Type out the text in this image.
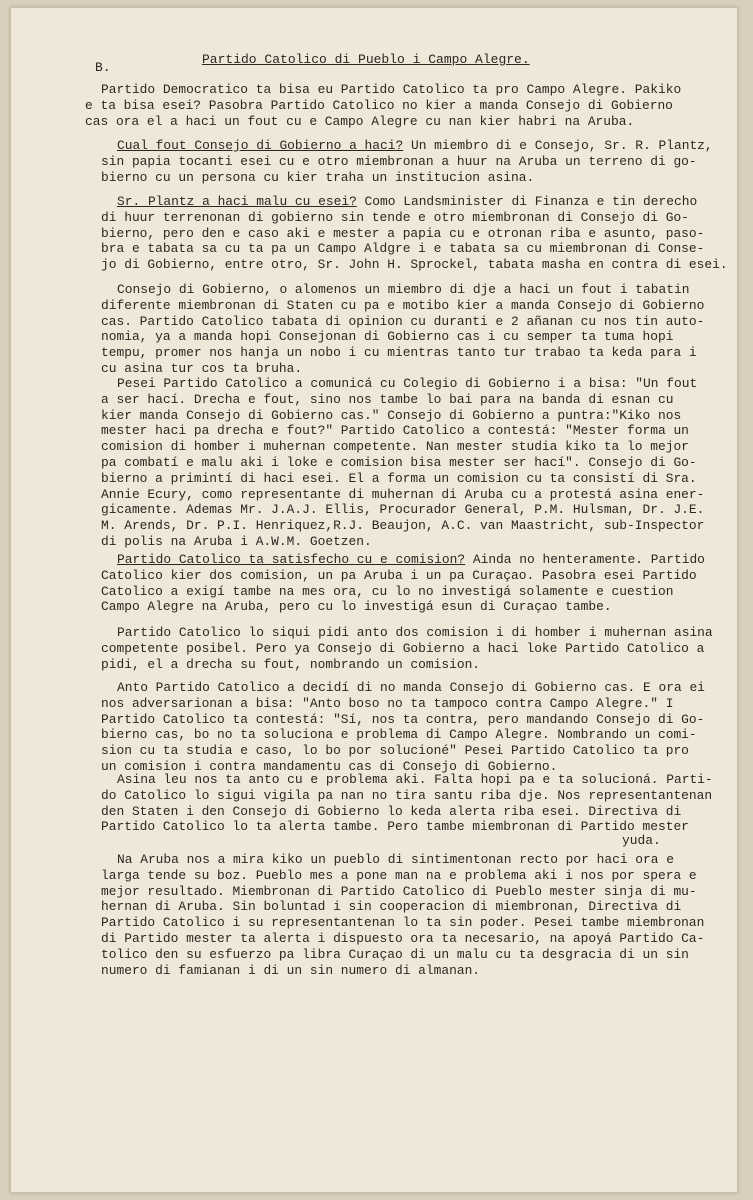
B.
Partido Catolico di Pueblo i Campo Alegre.
Partido Democratico ta bisa eu Partido Catolico ta pro Campo Alegre. Pakiko
e ta bisa esei? Pasobra Partido Catolico no kier a manda Consejo di Gobierno
cas ora el a haci un fout cu e Campo Alegre cu nan kier habri na Aruba.
Cual fout Consejo di Gobierno a haci? Un miembro di e Consejo, Sr. R. Plantz,
sin papia tocanti esei cu e otro miembronan a huur na Aruba un terreno di go-
bierno cu un persona cu kier traha un institucion asina.
Sr. Plantz a haci malu cu esei? Como Landsminister di Finanza e tin derecho
di huur terrenonan di gobierno sin tende e otro miembronan di Consejo di Go-
bierno, pero den e caso aki e mester a papia cu e otronan riba e asunto, paso-
bra e tabata sa cu ta pa un Campo Aldgre i e tabata sa cu miembronan di Conse-
jo di Gobierno, entre otro, Sr. John H. Sprockel, tabata masha en contra di esei.
Consejo di Gobierno, o alomenos un miembro di dje a haci un fout i tabatin
diferente miembronan di Staten cu pa e motibo kier a manda Consejo di Gobierno
cas. Partido Catolico tabata di opinion cu duranti e 2 añanan cu nos tin auto-
nomia, ya a manda hopi Consejonan di Gobierno cas i cu semper ta tuma hopi
tempu, promer nos hanja un nobo i cu mientras tanto tur trabao ta keda para i
cu asina tur cos ta bruha.
Pesei Partido Catolico a comunicá cu Colegio di Gobierno i a bisa: "Un fout
a ser hací. Drecha e fout, sino nos tambe lo bai para na banda di esnan cu
kier manda Consejo di Gobierno cas." Consejo di Gobierno a puntra:"Kiko nos
mester haci pa drecha e fout?" Partido Catolico a contestá: "Mester forma un
comision di homber i muhernan competente. Nan mester studia kiko ta lo mejor
pa combatí e malu aki i loke e comision bisa mester ser hací". Consejo di Go-
bierno a primintí di haci esei. El a forma un comision cu ta consistí di Sra.
Annie Ecury, como representante di muhernan di Aruba cu a protestá asina ener-
gicamente. Ademas Mr. J.A.J. Ellis, Procurador General, P.M. Hulsman, Dr. J.E.
M. Arends, Dr. P.I. Henriquez,R.J. Beaujon, A.C. van Maastricht, sub-Inspector
di polis na Aruba i A.W.M. Goetzen.
Partido Catolico ta satisfecho cu e comision? Ainda no henteramente. Partido
Catolico kier dos comision, un pa Aruba i un pa Curaçao. Pasobra esei Partido
Catolico a exigí tambe na mes ora, cu lo no investigá solamente e cuestion
Campo Alegre na Aruba, pero cu lo investigá esun di Curaçao tambe.
Partido Catolico lo siqui pidi anto dos comision i di homber i muhernan asina
competente posibel. Pero ya Consejo di Gobierno a haci loke Partido Catolico a
pidi, el a drecha su fout, nombrando un comision.
Anto Partido Catolico a decidí di no manda Consejo di Gobierno cas. E ora ei
nos adversarionan a bisa: "Anto boso no ta tampoco contra Campo Alegre." I
Partido Catolico ta contestá: "Sí, nos ta contra, pero mandando Consejo di Go-
bierno cas, bo no ta soluciona e problema di Campo Alegre. Nombrando un comi-
sion cu ta studia e caso, lo bo por solucioné" Pesei Partido Catolico ta pro
un comision i contra mandamentu cas di Consejo di Gobierno.
Asina leu nos ta anto cu e problema aki. Falta hopi pa e ta solucioná. Parti-
do Catolico lo sigui vigila pa nan no tira santu riba dje. Nos representantenan
den Staten i den Consejo di Gobierno lo keda alerta riba esei. Directiva di
Partido Catolico lo ta alerta tambe. Pero tambe miembronan di Partido mester
yuda.
Na Aruba nos a mira kiko un pueblo di sintimentonan recto por haci ora e
larga tende su boz. Pueblo mes a pone man na e problema aki i nos por spera e
mejor resultado. Miembronan di Partido Catolico di Pueblo mester sinja di mu-
hernan di Aruba. Sin boluntad i sin cooperacion di miembronan, Directiva di
Partido Catolico i su representantenan lo ta sin poder. Pesei tambe miembronan
di Partido mester ta alerta i dispuesto ora ta necesario, na apoyá Partido Ca-
tolico den su esfuerzo pa libra Curaçao di un malu cu ta desgracia di un sin
numero di famianan i di un sin numero di almanan.
